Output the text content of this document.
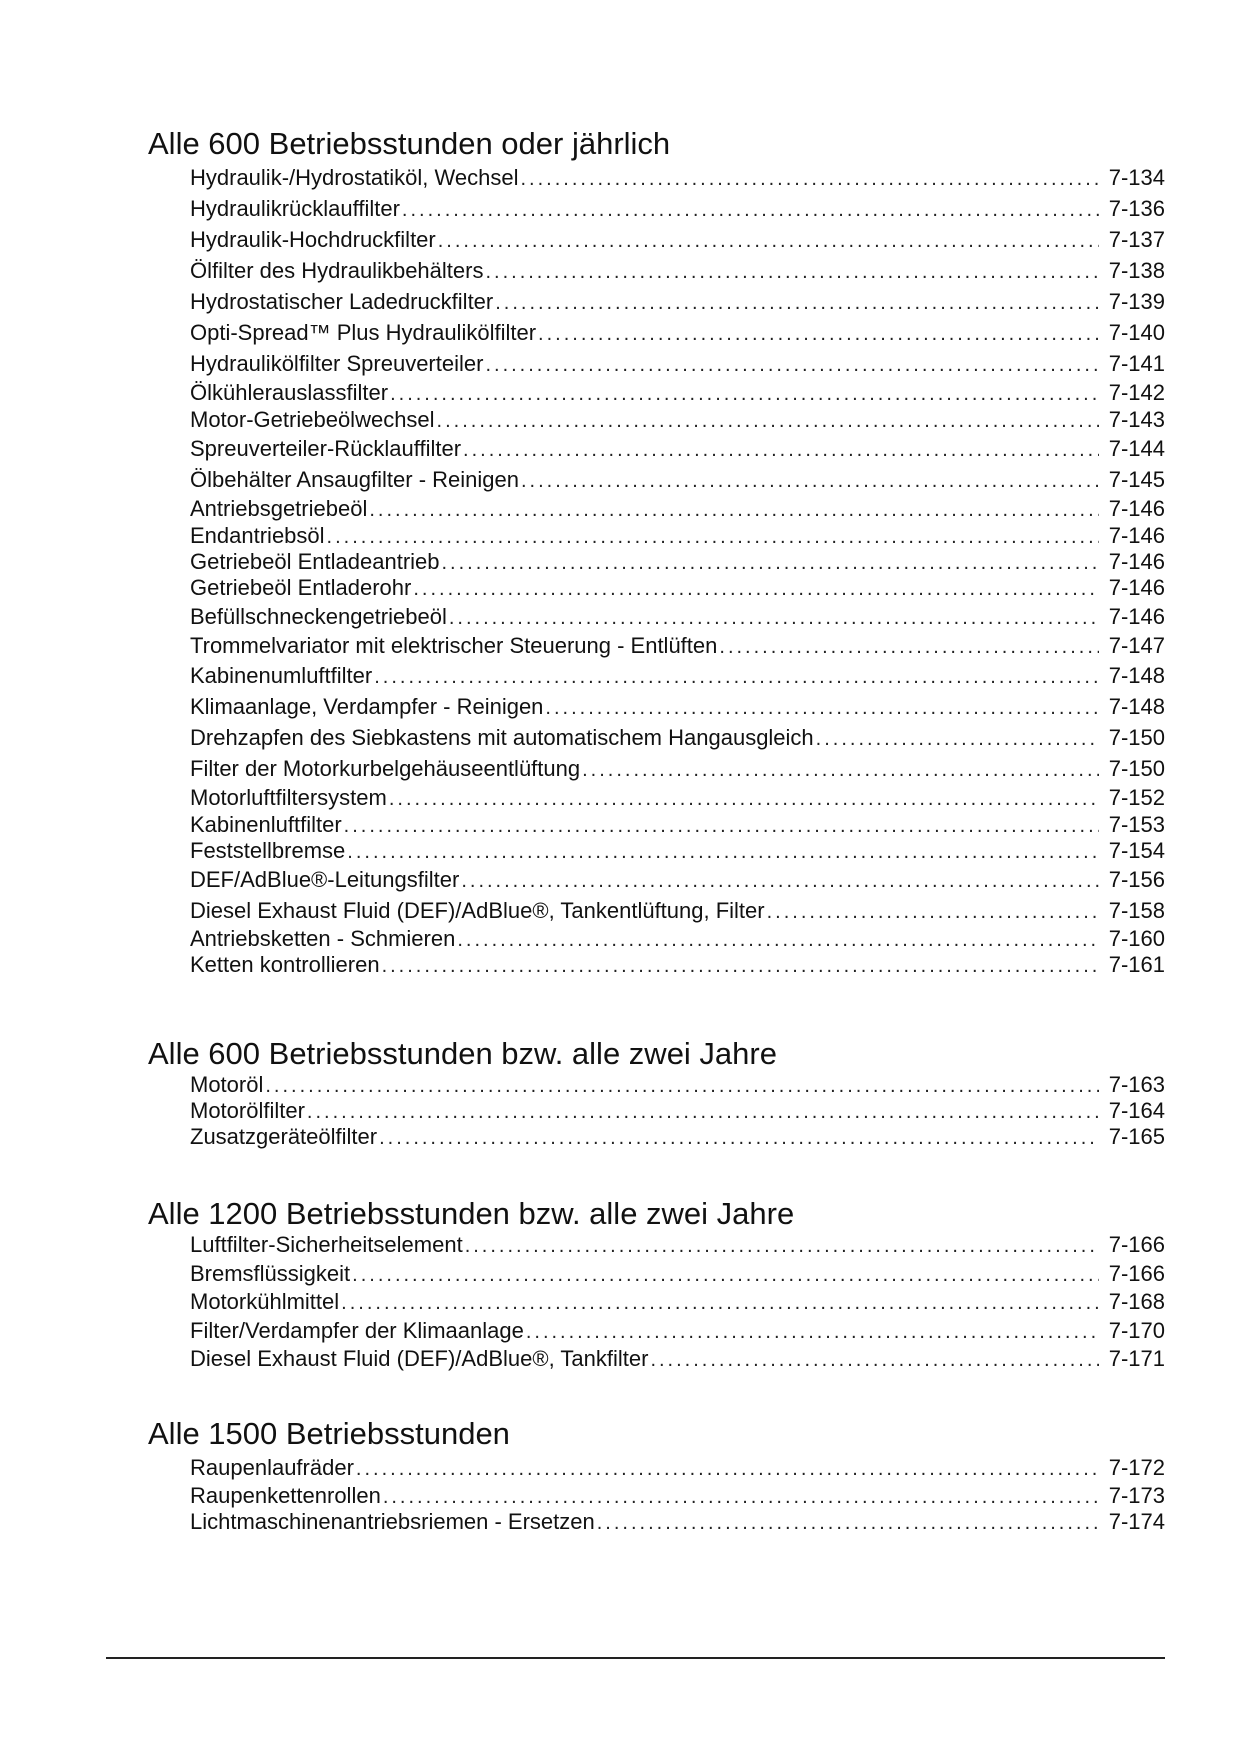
Alle 600 Betriebsstunden oder jährlich
Hydraulik-/Hydrostatiköl, Wechsel .....	7-134
Hydraulikrücklauffilter .....	7-136
Hydraulik-Hochdruckfilter .....	7-137
Ölfilter des Hydraulikbehälters .....	7-138
Hydrostatischer Ladedruckfilter .....	7-139
Opti-Spread™ Plus Hydraulikölfilter .....	7-140
Hydraulikölfilter Spreuverteiler .....	7-141
Ölkühlerauslassfilter .....	7-142
Motor-Getriebeölwechsel .....	7-143
Spreuverteiler-Rücklauffilter .....	7-144
Ölbehälter Ansaugfilter - Reinigen .....	7-145
Antriebsgetriebeöl .....	7-146
Endantriebsöl .....	7-146
Getriebeöl Entladeantrieb .....	7-146
Getriebeöl Entladerohr .....	7-146
Befüllschneckengetriebeöl .....	7-146
Trommelvariator mit elektrischer Steuerung - Entlüften .....	7-147
Kabinenumluftfilter .....	7-148
Klimaanlage, Verdampfer - Reinigen .....	7-148
Drehzapfen des Siebkastens mit automatischem Hangausgleich .....	7-150
Filter der Motorkurbelgehäuseentlüftung .....	7-150
Motorluftfiltersystem .....	7-152
Kabinenluftfilter .....	7-153
Feststellbremse .....	7-154
DEF/AdBlue®-Leitungsfilter .....	7-156
Diesel Exhaust Fluid (DEF)/AdBlue®, Tankentlüftung, Filter .....	7-158
Antriebsketten - Schmieren .....	7-160
Ketten kontrollieren .....	7-161
Alle 600 Betriebsstunden bzw. alle zwei Jahre
Motoröl .....	7-163
Motorölfilter .....	7-164
Zusatzgeräteölfilter .....	7-165
Alle 1200 Betriebsstunden bzw. alle zwei Jahre
Luftfilter-Sicherheitselement .....	7-166
Bremsflüssigkeit .....	7-166
Motorkühlmittel .....	7-168
Filter/Verdampfer der Klimaanlage .....	7-170
Diesel Exhaust Fluid (DEF)/AdBlue®, Tankfilter .....	7-171
Alle 1500 Betriebsstunden
Raupenlaufräder .....	7-172
Raupenkettenrollen .....	7-173
Lichtmaschinenantriebsriemen - Ersetzen .....	7-174
